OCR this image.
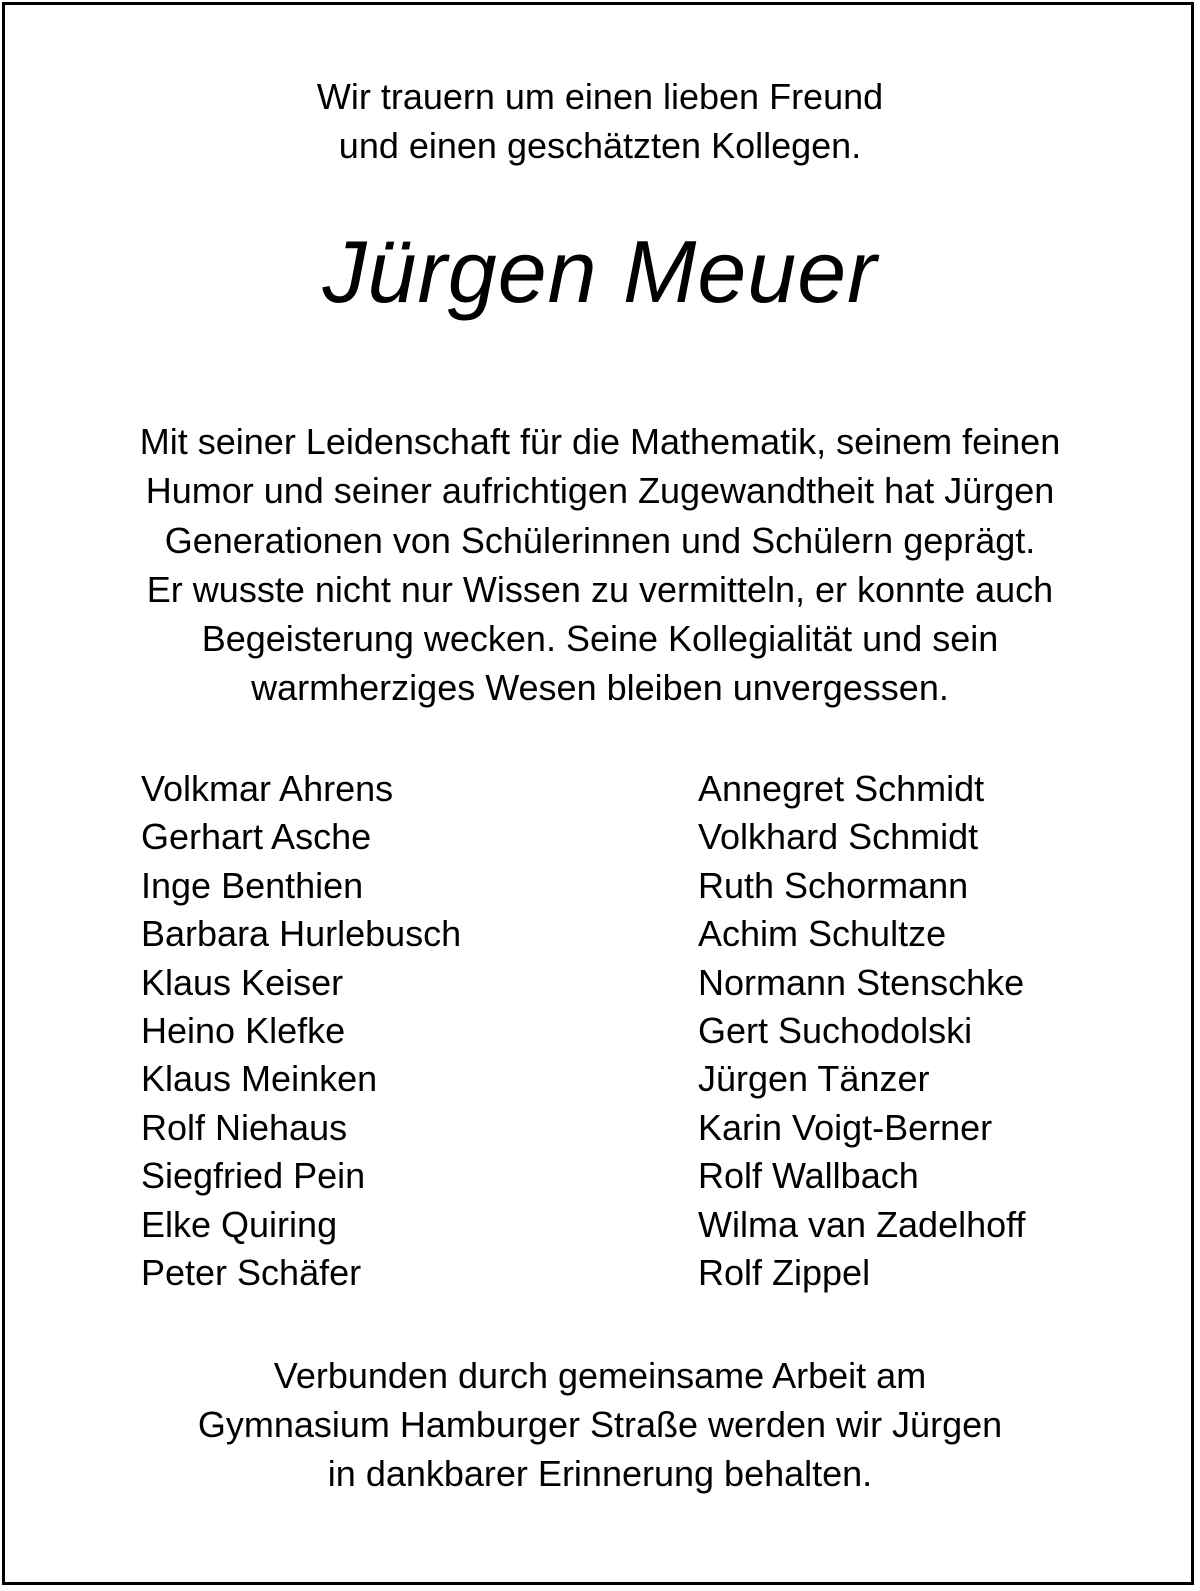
Wir trauern um einen lieben Freund
und einen geschätzten Kollegen.
Jürgen Meuer
Mit seiner Leidenschaft für die Mathematik, seinem feinen
Humor und seiner aufrichtigen Zugewandtheit hat Jürgen
Generationen von Schülerinnen und Schülern geprägt.
Er wusste nicht nur Wissen zu vermitteln, er konnte auch
Begeisterung wecken. Seine Kollegialität und sein
warmherziges Wesen bleiben unvergessen.
Volkmar Ahrens
Gerhart Asche
Inge Benthien
Barbara Hurlebusch
Klaus Keiser
Heino Klefke
Klaus Meinken
Rolf Niehaus
Siegfried Pein
Elke Quiring
Peter Schäfer
Annegret Schmidt
Volkhard Schmidt
Ruth Schormann
Achim Schultze
Normann Stenschke
Gert Suchodolski
Jürgen Tänzer
Karin Voigt-Berner
Rolf Wallbach
Wilma van Zadelhoff
Rolf Zippel
Verbunden durch gemeinsame Arbeit am
Gymnasium Hamburger Straße werden wir Jürgen
in dankbarer Erinnerung behalten.
